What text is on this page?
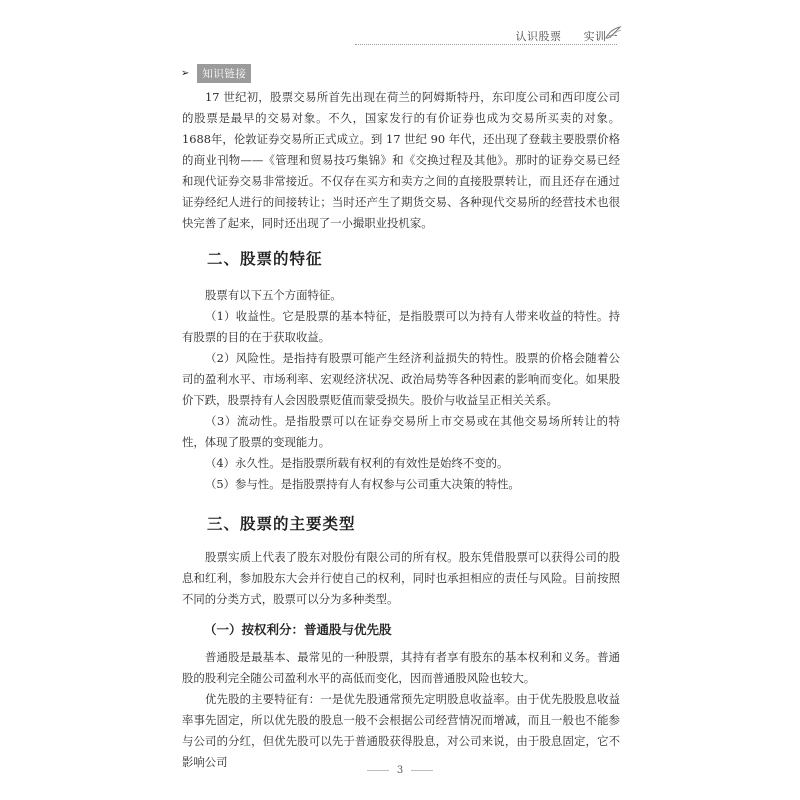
认识股票 实训一
➢	知识链接

17 世纪初，股票交易所首先出现在荷兰的阿姆斯特丹，东印度公司和西印度公司的股票是最早的交易对象。不久，国家发行的有价证券也成为交易所买卖的对象。1688年，伦敦证券交易所正式成立。到 17 世纪 90 年代，还出现了登载主要股票价格的商业刊物——《管理和贸易技巧集锦》和《交换过程及其他》。那时的证券交易已经和现代证券交易非常接近。不仅存在买方和卖方之间的直接股票转让，而且还存在通过证券经纪人进行的间接转让；当时还产生了期货交易、各种现代交易所的经营技术也很快完善了起来，同时还出现了一小撮职业投机家。

二、股票的特征

股票有以下五个方面特征。

（1）收益性。它是股票的基本特征，是指股票可以为持有人带来收益的特性。持有股票的目的在于获取收益。

（2）风险性。是指持有股票可能产生经济利益损失的特性。股票的价格会随着公司的盈利水平、市场利率、宏观经济状况、政治局势等各种因素的影响而变化。如果股价下跌，股票持有人会因股票贬值而蒙受损失。股价与收益呈正相关关系。

（3）流动性。是指股票可以在证券交易所上市交易或在其他交易场所转让的特性，体现了股票的变现能力。

（4）永久性。是指股票所载有权利的有效性是始终不变的。

（5）参与性。是指股票持有人有权参与公司重大决策的特性。

三、股票的主要类型

股票实质上代表了股东对股份有限公司的所有权。股东凭借股票可以获得公司的股息和红利，参加股东大会并行使自己的权利，同时也承担相应的责任与风险。目前按照不同的分类方式，股票可以分为多种类型。

（一）按权利分：普通股与优先股

普通股是最基本、最常见的一种股票，其持有者享有股东的基本权利和义务。普通股的股利完全随公司盈利水平的高低而变化，因而普通股风险也较大。

优先股的主要特征有：一是优先股通常预先定明股息收益率。由于优先股股息收益率事先固定，所以优先股的股息一般不会根据公司经营情况而增减，而且一般也不能参与公司的分红，但优先股可以先于普通股获得股息，对公司来说，由于股息固定，它不影响公司

3
